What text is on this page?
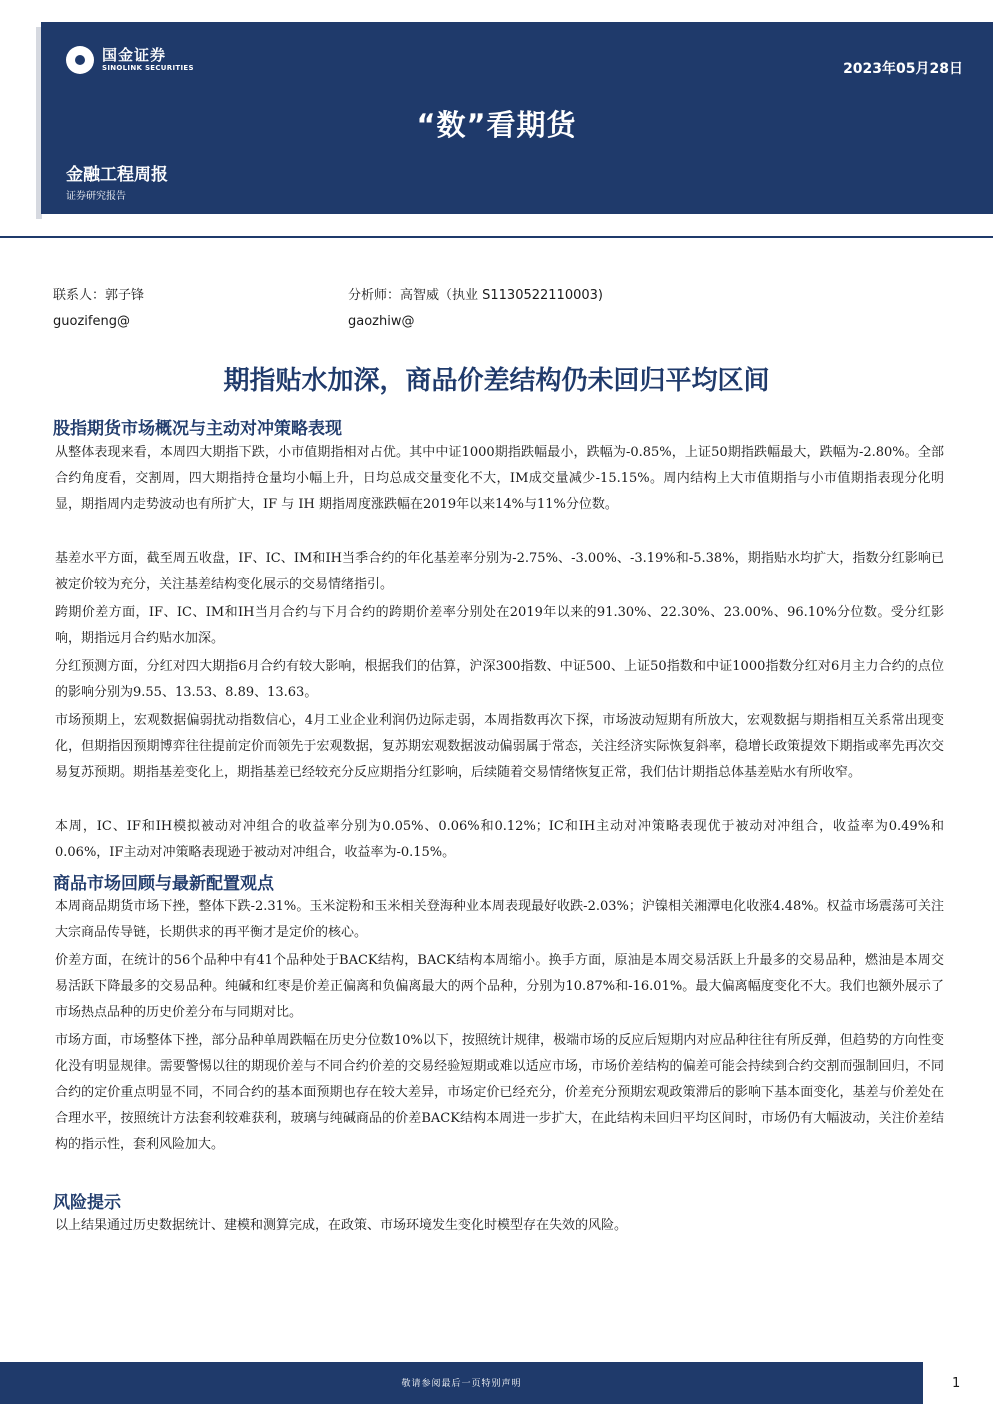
国金证券
SINOLINK SECURITIES	2023年05月28日
“数”看期货
金融工程周报
证券研究报告
联系人：郭子锋
guozifeng@
分析师：高智威（执业 S1130522110003)
gaozhiw@
期指贴水加深，商品价差结构仍未回归平均区间
股指期货市场概况与主动对冲策略表现

从整体表现来看，本周四大期指下跌，小市值期指相对占优。其中中证1000期指跌幅最小，跌幅为-0.85%，上证50期指跌幅最大，跌幅为-2.80%。全部合约角度看，交割周，四大期指持仓量均小幅上升，日均总成交量变化不大，IM成交量减少-15.15%。周内结构上大市值期指与小市值期指表现分化明显，期指周内走势波动也有所扩大，IF 与 IH 期指周度涨跌幅在2019年以来14%与11%分位数。

基差水平方面，截至周五收盘，IF、IC、IM和IH当季合约的年化基差率分别为-2.75%、-3.00%、-3.19%和-5.38%，期指贴水均扩大，指数分红影响已被定价较为充分，关注基差结构变化展示的交易情绪指引。

跨期价差方面，IF、IC、IM和IH当月合约与下月合约的跨期价差率分别处在2019年以来的91.30%、22.30%、23.00%、96.10%分位数。受分红影响，期指远月合约贴水加深。

分红预测方面，分红对四大期指6月合约有较大影响，根据我们的估算，沪深300指数、中证500、上证50指数和中证1000指数分红对6月主力合约的点位的影响分别为9.55、13.53、8.89、13.63。

市场预期上，宏观数据偏弱扰动指数信心，4月工业企业利润仍边际走弱，本周指数再次下探，市场波动短期有所放大，宏观数据与期指相互关系常出现变化，但期指因预期博弈往往提前定价而领先于宏观数据，复苏期宏观数据波动偏弱属于常态，关注经济实际恢复斜率，稳增长政策提效下期指或率先再次交易复苏预期。期指基差变化上，期指基差已经较充分反应期指分红影响，后续随着交易情绪恢复正常，我们估计期指总体基差贴水有所收窄。

本周，IC、IF和IH模拟被动对冲组合的收益率分别为0.05%、0.06%和0.12%；IC和IH主动对冲策略表现优于被动对冲组合，收益率为0.49%和0.06%，IF主动对冲策略表现逊于被动对冲组合，收益率为-0.15%。

商品市场回顾与最新配置观点

本周商品期货市场下挫，整体下跌-2.31%。玉米淀粉和玉米相关登海种业本周表现最好收跌-2.03%；沪镍相关湘潭电化收涨4.48%。权益市场震荡可关注大宗商品传导链，长期供求的再平衡才是定价的核心。

价差方面，在统计的56个品种中有41个品种处于BACK结构，BACK结构本周缩小。换手方面，原油是本周交易活跃上升最多的交易品种，燃油是本周交易活跃下降最多的交易品种。纯碱和红枣是价差正偏离和负偏离最大的两个品种，分别为10.87%和-16.01%。最大偏离幅度变化不大。我们也额外展示了市场热点品种的历史价差分布与同期对比。

市场方面，市场整体下挫，部分品种单周跌幅在历史分位数10%以下，按照统计规律，极端市场的反应后短期内对应品种往往有所反弹，但趋势的方向性变化没有明显规律。需要警惕以往的期现价差与不同合约价差的交易经验短期或难以适应市场，市场价差结构的偏差可能会持续到合约交割而强制回归，不同合约的定价重点明显不同，不同合约的基本面预期也存在较大差异，市场定价已经充分，价差充分预期宏观政策滞后的影响下基本面变化，基差与价差处在合理水平，按照统计方法套利较难获利，玻璃与纯碱商品的价差BACK结构本周进一步扩大，在此结构未回归平均区间时，市场仍有大幅波动，关注价差结构的指示性，套利风险加大。

风险提示

以上结果通过历史数据统计、建模和测算完成，在政策、市场环境发生变化时模型存在失效的风险。

敬请参阅最后一页特别声明	1
